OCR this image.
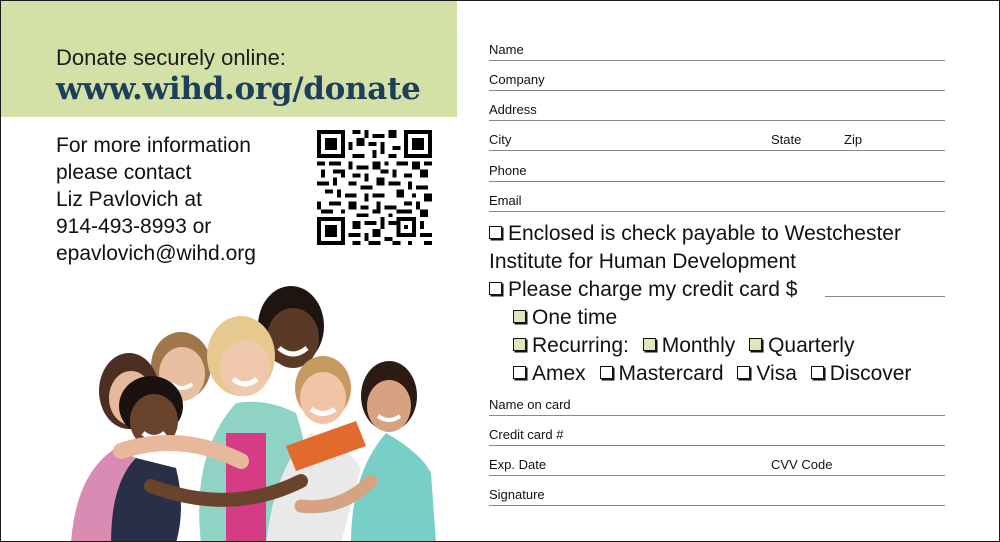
Donate securely online:
www.wihd.org/donate
For more information
please contact
Liz Pavlovich at
914-493-8993 or
epavlovich@wihd.org
Name
Company
Address
City	State	Zip
Phone
Email
Enclosed is check payable to Westchester
Institute for Human Development
Please charge my credit card $
One time
Recurring: Monthly Quarterly
Amex Mastercard Visa Discover
Name on card
Credit card #
Exp. Date	CVV Code
Signature
